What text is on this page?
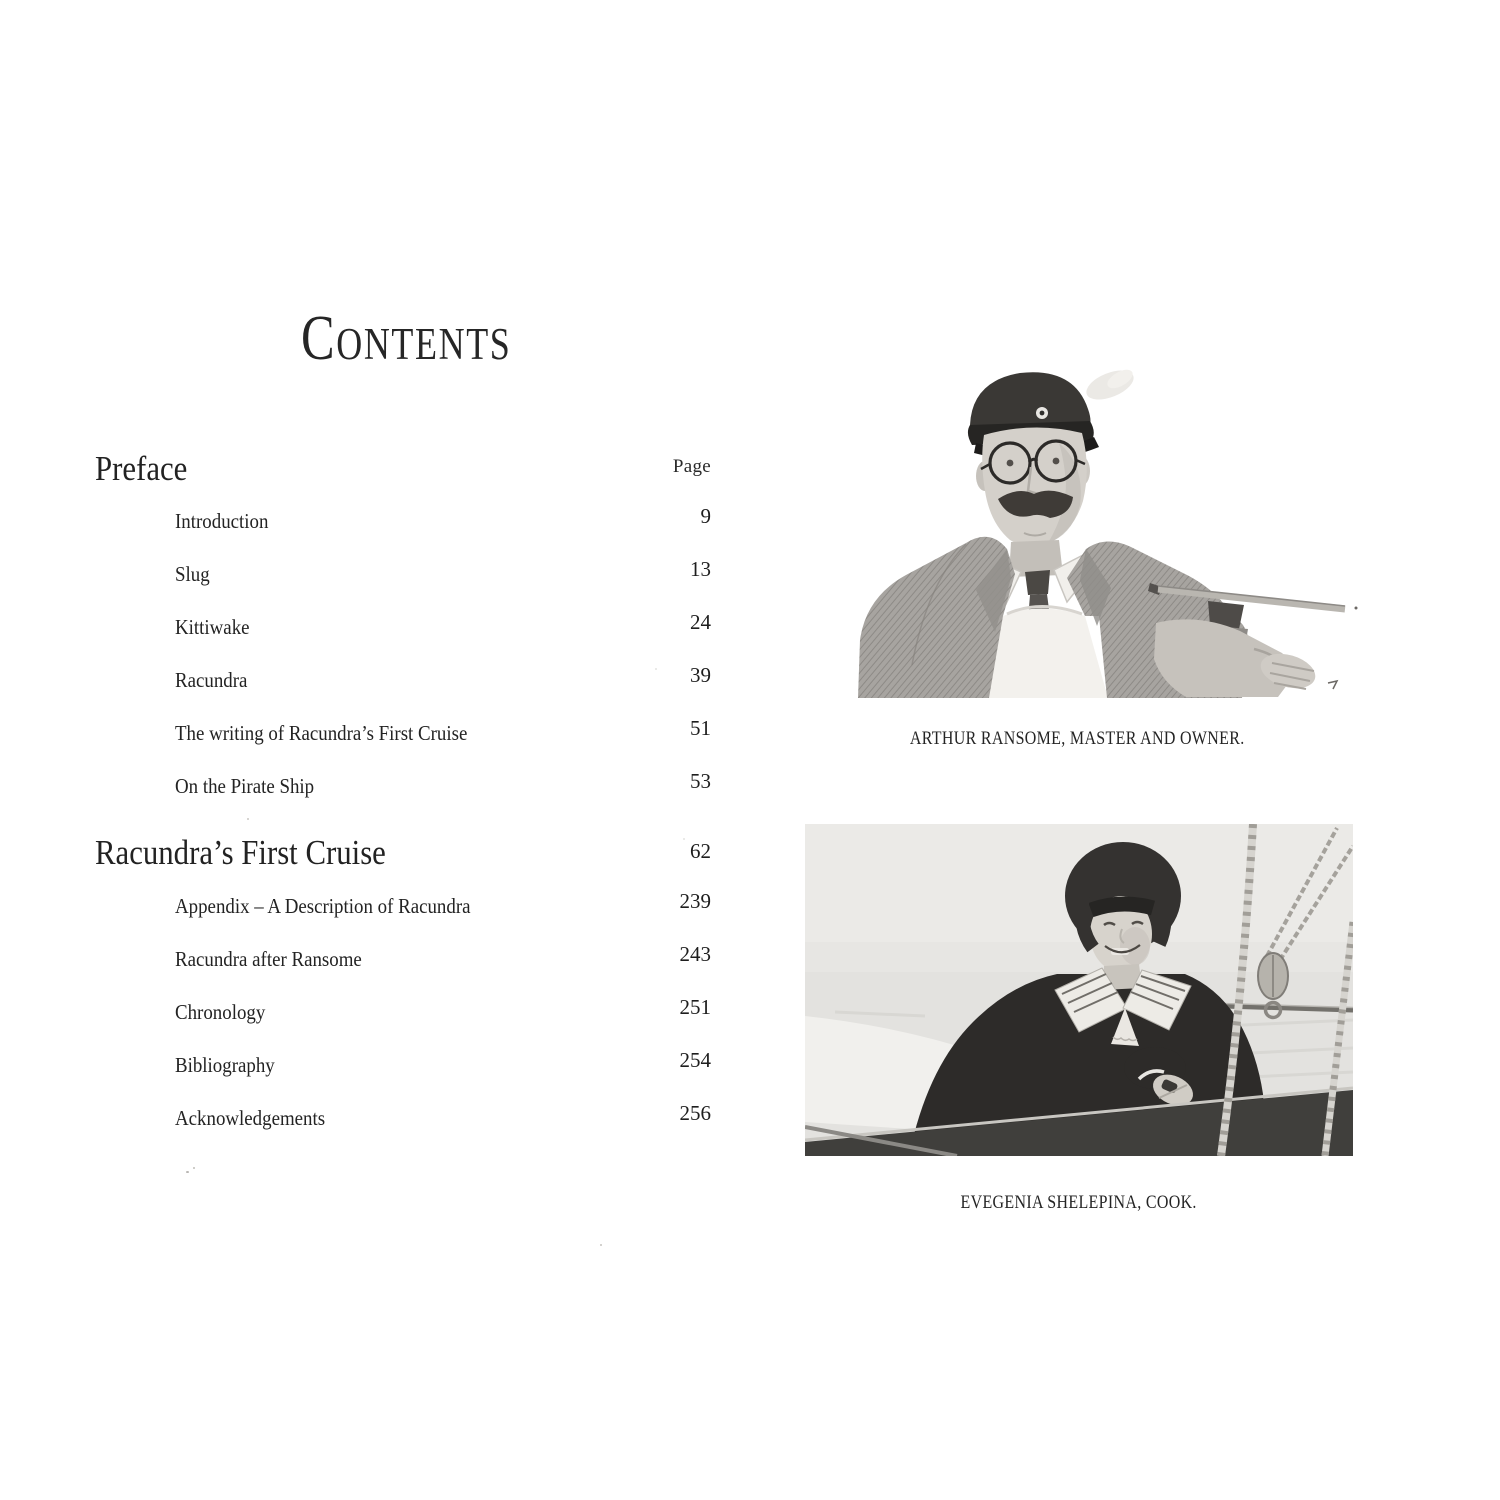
CONTENTS
Preface	Page
Introduction	9
Slug	13
Kittiwake	24
Racundra	39
The writing of Racundra’s First Cruise	51
On the Pirate Ship	53
Racundra’s First Cruise	62
Appendix – A Description of Racundra	239
Racundra after Ransome	243
Chronology	251
Bibliography	254
Acknowledgements	256
ARTHUR RANSOME, MASTER AND OWNER.
EVEGENIA SHELEPINA, COOK.
